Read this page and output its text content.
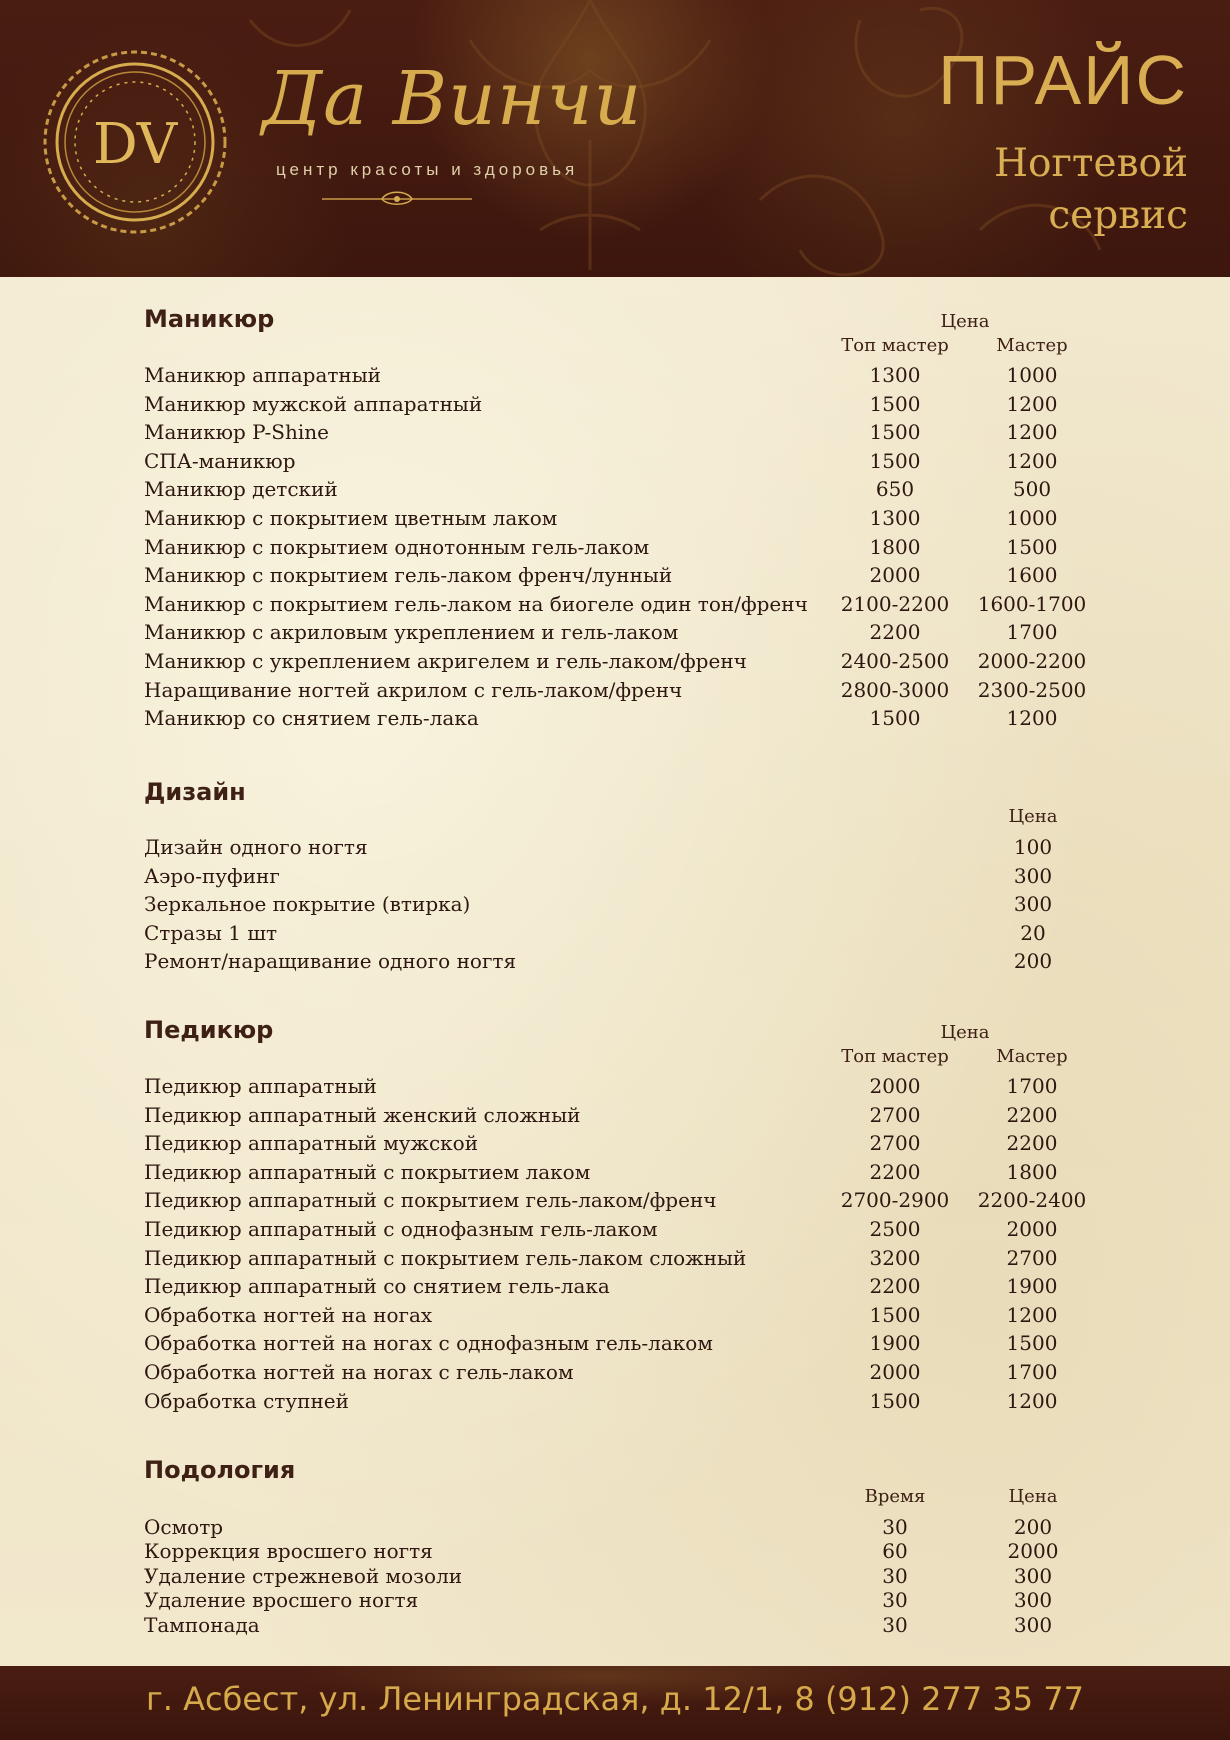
DV
Да Винчи
центр красоты и здоровья
ПРАЙС
Ногтевой
сервис
Маникюр	Цена
Топ мастер	Мастер
Маникюр аппаратный	1300	1000
Маникюр мужской аппаратный	1500	1200
Маникюр P-Shine	1500	1200
СПА-маникюр	1500	1200
Маникюр детский	650	500
Маникюр с покрытием цветным лаком	1300	1000
Маникюр с покрытием однотонным гель-лаком	1800	1500
Маникюр с покрытием гель-лаком френч/лунный	2000	1600
Маникюр с покрытием гель-лаком на биогеле один тон/френч	2100-2200	1600-1700
Маникюр с акриловым укреплением и гель-лаком	2200	1700
Маникюр с укреплением акригелем и гель-лаком/френч	2400-2500	2000-2200
Наращивание ногтей акрилом с гель-лаком/френч	2800-3000	2300-2500
Маникюр со снятием гель-лака	1500	1200
Дизайн
Цена
Дизайн одного ногтя	100
Аэро-пуфинг	300
Зеркальное покрытие (втирка)	300
Стразы 1 шт	20
Ремонт/наращивание одного ногтя	200
Педикюр	Цена
Топ мастер	Мастер
Педикюр аппаратный	2000	1700
Педикюр аппаратный женский сложный	2700	2200
Педикюр аппаратный мужской	2700	2200
Педикюр аппаратный с покрытием лаком	2200	1800
Педикюр аппаратный с покрытием гель-лаком/френч	2700-2900	2200-2400
Педикюр аппаратный с однофазным гель-лаком	2500	2000
Педикюр аппаратный с покрытием гель-лаком сложный	3200	2700
Педикюр аппаратный со снятием гель-лака	2200	1900
Обработка ногтей на ногах	1500	1200
Обработка ногтей на ногах с однофазным гель-лаком	1900	1500
Обработка ногтей на ногах с гель-лаком	2000	1700
Обработка ступней	1500	1200
Подология
Время	Цена
Осмотр	30	200
Коррекция вросшего ногтя	60	2000
Удаление стрежневой мозоли	30	300
Удаление вросшего ногтя	30	300
Тампонада	30	300
г. Асбест, ул. Ленинградская, д. 12/1, 8 (912) 277 35 77
